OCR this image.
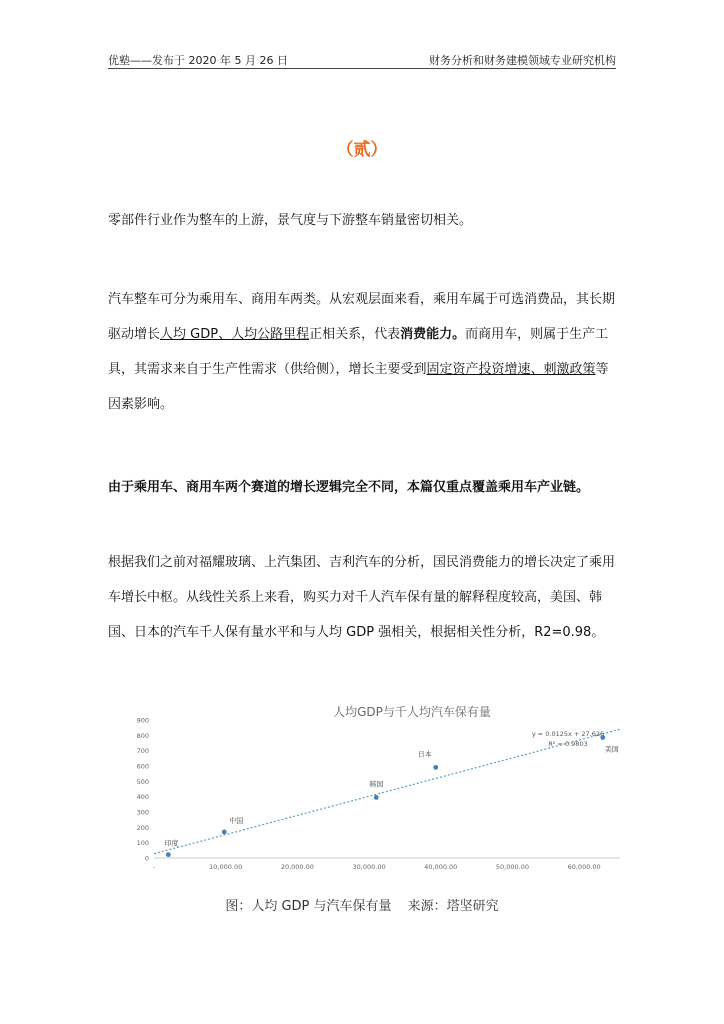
优塾——发布于 2020 年 5 月 26 日	财务分析和财务建模领域专业研究机构
（贰）
零部件行业作为整车的上游，景气度与下游整车销量密切相关。
汽车整车可分为乘用车、商用车两类。从宏观层面来看，乘用车属于可选消费品，其长期驱动增长人均 GDP、人均公路里程正相关系，代表消费能力。而商用车，则属于生产工具，其需求来自于生产性需求（供给侧），增长主要受到固定资产投资增速、刺激政策等因素影响。
由于乘用车、商用车两个赛道的增长逻辑完全不同，本篇仅重点覆盖乘用车产业链。
根据我们之前对福耀玻璃、上汽集团、吉利汽车的分析，国民消费能力的增长决定了乘用车增长中枢。从线性关系上来看，购买力对千人汽车保有量的解释程度较高，美国、韩国、日本的汽车千人保有量水平和与人均 GDP 强相关，根据相关性分析，R2=0.98。
人均GDP与千人均汽车保有量
0
100
200
300
400
500
600
700
800
900
-	10,000.00	20,000.00	30,000.00	40,000.00	50,000.00	60,000.00
印度
中国
韩国
日本
美国
y = 0.0125x + 27.626
R² = 0.9803
图：人均 GDP 与汽车保有量 来源：塔坚研究
